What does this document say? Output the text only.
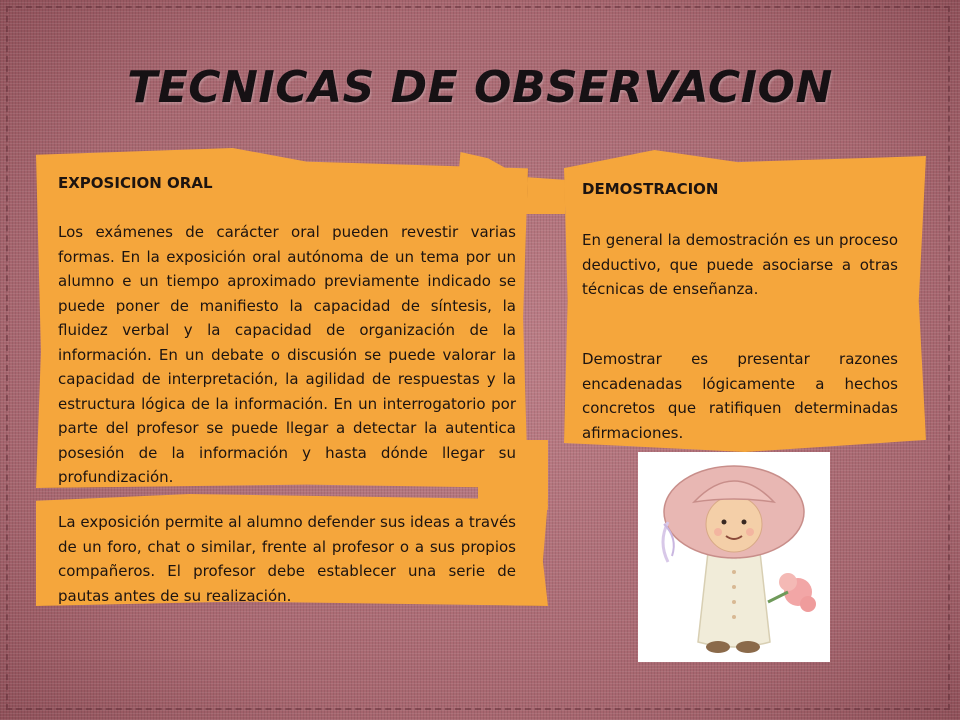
TECNICAS DE OBSERVACION
EXPOSICION ORAL
Los exámenes de carácter oral pueden revestir varias formas. En la exposición oral autónoma de un tema por un alumno e un tiempo aproximado previamente indicado se puede poner de manifiesto la capacidad de síntesis, la fluidez verbal y la capacidad de organización de la información. En un debate o discusión se puede valorar la capacidad de interpretación, la agilidad de respuestas y la estructura lógica de la información. En un interrogatorio por parte del profesor se puede llegar a detectar la autentica posesión de la información y hasta dónde llegar su profundización.
La exposición permite al alumno defender sus ideas a través de un foro, chat o similar, frente al profesor o a sus propios compañeros. El profesor debe establecer una serie de pautas antes de su realización.
DEMOSTRACION
En general la demostración es un proceso deductivo, que puede asociarse a otras técnicas de enseñanza.
Demostrar es presentar razones encadenadas lógicamente a hechos concretos que ratifiquen determinadas afirmaciones.
